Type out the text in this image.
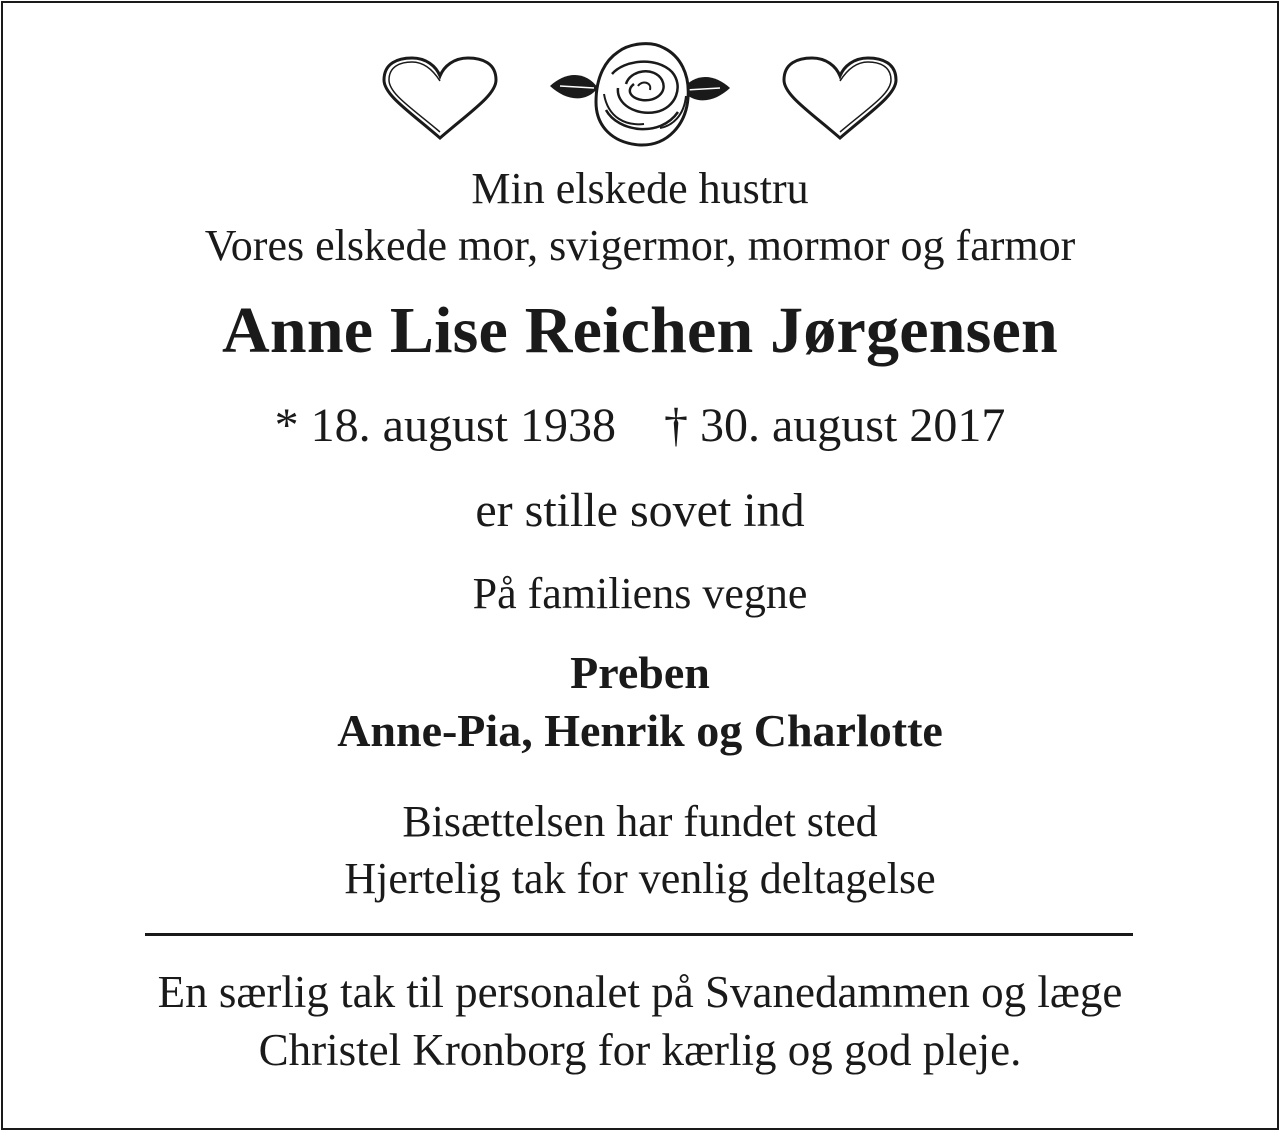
Min elskede hustru
Vores elskede mor, svigermor, mormor og farmor
Anne Lise Reichen Jørgensen
* 18. august 1938 † 30. august 2017
er stille sovet ind
På familiens vegne
Preben
Anne-Pia, Henrik og Charlotte
Bisættelsen har fundet sted
Hjertelig tak for venlig deltagelse
En særlig tak til personalet på Svanedammen og læge
Christel Kronborg for kærlig og god pleje.
